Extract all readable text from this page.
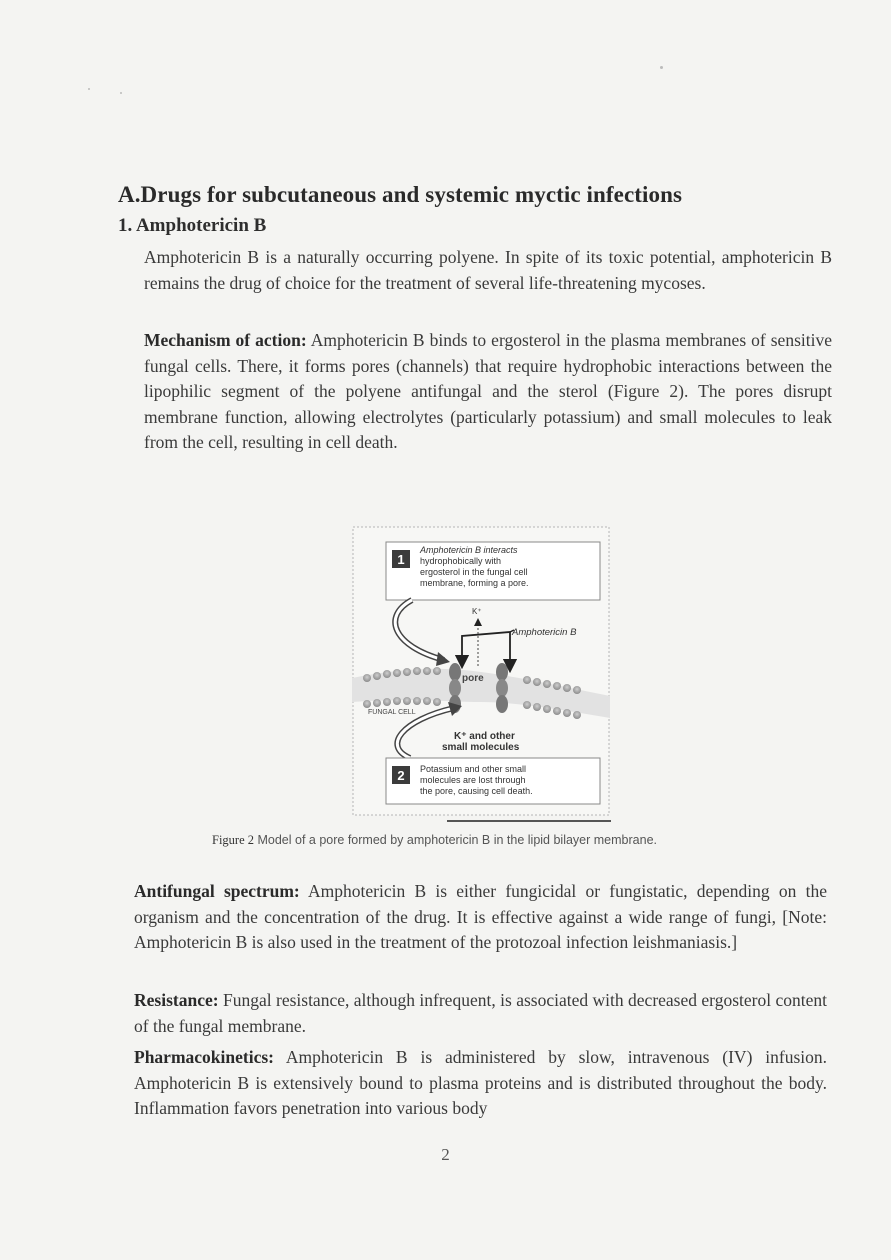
A.Drugs for subcutaneous and systemic myctic infections
1. Amphotericin B
Amphotericin B is a naturally occurring polyene. In spite of its toxic potential, amphotericin B remains the drug of choice for the treatment of several life-threatening mycoses.
Mechanism of action: Amphotericin B binds to ergosterol in the plasma membranes of sensitive fungal cells. There, it forms pores (channels) that require hydrophobic interactions between the lipophilic segment of the polyene antifungal and the sterol (Figure 2). The pores disrupt membrane function, allowing electrolytes (particularly potassium) and small molecules to leak from the cell, resulting in cell death.
1
Amphotericin B interacts
hydrophobically with
ergosterol in the fungal cell
membrane, forming a pore.
K⁺
Amphotericin B
pore
FUNGAL CELL
K⁺ and other
small molecules
2 Potassium and other small
molecules are lost through
the pore, causing cell death.
Figure 2 Model of a pore formed by amphotericin B in the lipid bilayer membrane.
Antifungal spectrum: Amphotericin B is either fungicidal or fungistatic, depending on the organism and the concentration of the drug. It is effective against a wide range of fungi, [Note: Amphotericin B is also used in the treatment of the protozoal infection leishmaniasis.]
Resistance: Fungal resistance, although infrequent, is associated with decreased ergosterol content of the fungal membrane.
Pharmacokinetics: Amphotericin B is administered by slow, intravenous (IV) infusion. Amphotericin B is extensively bound to plasma proteins and is distributed throughout the body. Inflammation favors penetration into various body
2
